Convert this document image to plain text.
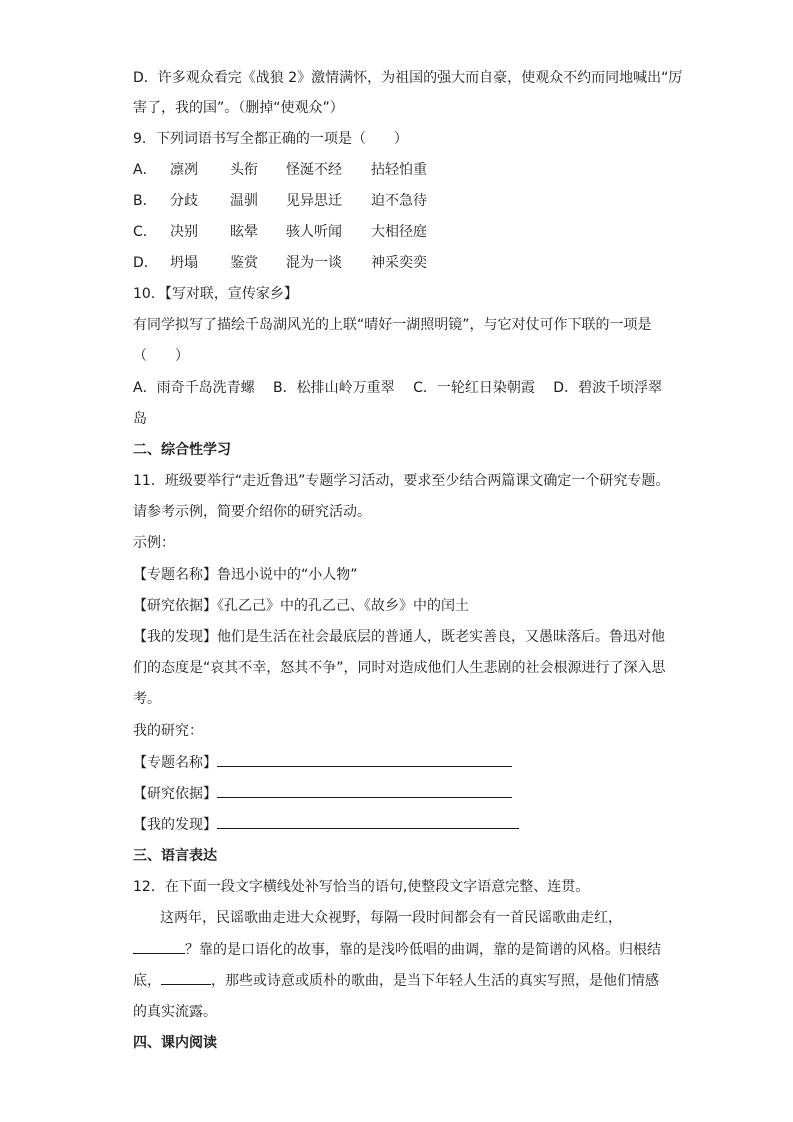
D．许多观众看完《战狼 2》激情满怀，为祖国的强大而自豪，使观众不约而同地喊出“厉
害了，我的国”。（删掉“使观众”）
9．下列词语书写全都正确的一项是（　　）
A． 凛冽	头衔	怪涎不经	拈轻怕重
B． 分歧	温驯	见异思迁	迫不急待
C． 决别	眩晕	骇人听闻	大相径庭
D． 坍塌	鉴赏	混为一谈	神采奕奕
10．【写对联，宣传家乡】
有同学拟写了描绘千岛湖风光的上联“晴好一湖照明镜”，与它对仗可作下联的一项是
（　　）
A．雨奇千岛洗青螺　 B．松排山岭万重翠　 C．一轮红日染朝霞　 D．碧波千顷浮翠
岛
二、综合性学习
11．班级要举行“走近鲁迅”专题学习活动，要求至少结合两篇课文确定一个研究专题。
请参考示例，简要介绍你的研究活动。
示例：
【专题名称】鲁迅小说中的“小人物”
【研究依据】《孔乙己》中的孔乙己、《故乡》中的闰土
【我的发现】他们是生活在社会最底层的普通人，既老实善良，又愚昧落后。鲁迅对他
们的态度是“哀其不幸，怒其不争”，同时对造成他们人生悲剧的社会根源进行了深入思
考。
我的研究：
【专题名称】
【研究依据】
【我的发现】
三、语言表达
12．在下面一段文字横线处补写恰当的语句,使整段文字语意完整、连贯。
这两年，民谣歌曲走进大众视野，每隔一段时间都会有一首民谣歌曲走红，
？靠的是口语化的故事，靠的是浅吟低唱的曲调，靠的是简谱的风格。归根结
底，	，那些或诗意或质朴的歌曲，是当下年轻人生活的真实写照，是他们情感
的真实流露。
四、课内阅读
